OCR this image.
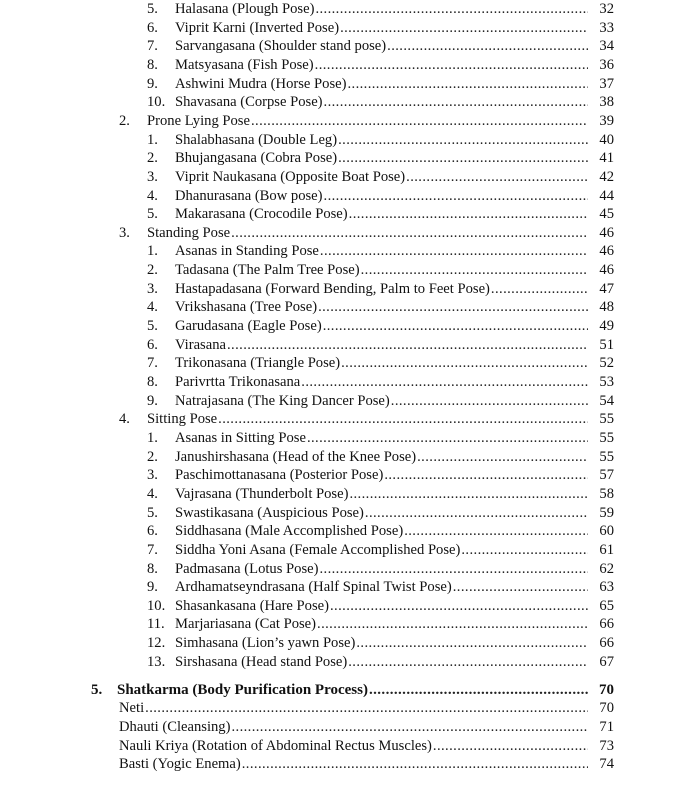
5. Halasana (Plough Pose) .....	32
6. Viprit Karni (Inverted Pose) .....	33
7. Sarvangasana (Shoulder stand pose) .....	34
8. Matsyasana (Fish Pose) .....	36
9. Ashwini Mudra (Horse Pose) .....	37
10. Shavasana (Corpse Pose) .....	38
2. Prone Lying Pose .....	39
1. Shalabhasana (Double Leg) .....	40
2. Bhujangasana (Cobra Pose) .....	41
3. Viprit Naukasana (Opposite Boat Pose) .....	42
4. Dhanurasana (Bow pose) .....	44
5. Makarasana (Crocodile Pose) .....	45
3. Standing Pose .....	46
1. Asanas in Standing Pose .....	46
2. Tadasana (The Palm Tree Pose) .....	46
3. Hastapadasana (Forward Bending, Palm to Feet Pose) .....	47
4. Vrikshasana (Tree Pose) .....	48
5. Garudasana (Eagle Pose) .....	49
6. Virasana .....	51
7. Trikonasana (Triangle Pose) .....	52
8. Parivrtta Trikonasana .....	53
9. Natrajasana (The King Dancer Pose) .....	54
4. Sitting Pose .....	55
1. Asanas in Sitting Pose .....	55
2. Janushirshasana (Head of the Knee Pose) .....	55
3. Paschimottanasana (Posterior Pose) .....	57
4. Vajrasana (Thunderbolt Pose) .....	58
5. Swastikasana (Auspicious Pose) .....	59
6. Siddhasana (Male Accomplished Pose) .....	60
7. Siddha Yoni Asana (Female Accomplished Pose) .....	61
8. Padmasana (Lotus Pose) .....	62
9. Ardhamatseyndrasana (Half Spinal Twist Pose) .....	63
10. Shasankasana (Hare Pose) .....	65
11. Marjariasana (Cat Pose) .....	66
12. Simhasana (Lion’s yawn Pose) .....	66
13. Sirshasana (Head stand Pose) .....	67
5. Shatkarma (Body Purification Process) .....	70
Neti .....	70
Dhauti (Cleansing) .....	71
Nauli Kriya (Rotation of Abdominal Rectus Muscles) .....	73
Basti (Yogic Enema) .....	74
